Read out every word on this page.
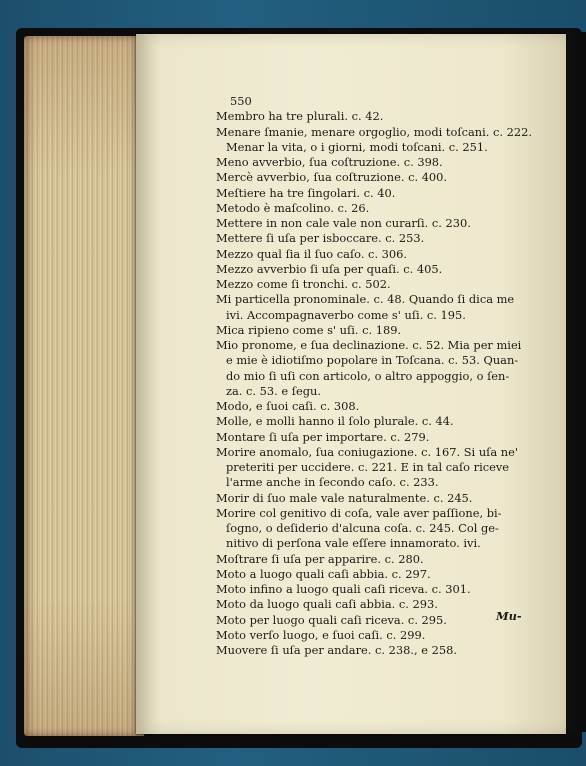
550
Membro ha tre plurali. c. 42.
Menare ſmanie, menare orgoglio, modi toſcani. c. 222.
Menar la vita, o i giorni, modi toſcani. c. 251.
Meno avverbio, ſua coſtruzione. c. 398.
Mercè avverbio, ſua coſtruzione. c. 400.
Meſtiere ha tre ſingolari. c. 40.
Metodo è maſcolino. c. 26.
Mettere in non cale vale non curarſi. c. 230.
Mettere ſi uſa per isboccare. c. 253.
Mezzo qual ſia il ſuo caſo. c. 306.
Mezzo avverbio ſi uſa per quaſi. c. 405.
Mezzo come ſi tronchi. c. 502.
Mi particella pronominale. c. 48. Quando ſi dica me
ivi. Accompagnaverbo come s' uſi. c. 195.
Mica ripieno come s' uſi. c. 189.
Mio pronome, e ſua declinazione. c. 52. Mia per miei
e mie è idiotiſmo popolare in Toſcana. c. 53. Quan-
do mio ſi uſi con articolo, o altro appoggio, o ſen-
za. c. 53. e ſegu.
Modo, e ſuoi caſi. c. 308.
Molle, e molli hanno il ſolo plurale. c. 44.
Montare ſi uſa per importare. c. 279.
Morire anomalo, ſua coniugazione. c. 167. Si uſa ne'
preteriti per uccidere. c. 221. E in tal caſo riceve
l'arme anche in ſecondo caſo. c. 233.
Morir di ſuo male vale naturalmente. c. 245.
Morire col genitivo di coſa, vale aver paſſione, bi-
ſogno, o deſiderio d'alcuna coſa. c. 245. Col ge-
nitivo di perſona vale eſſere innamorato. ivi.
Moſtrare ſi uſa per apparire. c. 280.
Moto a luogo quali caſi abbia. c. 297.
Moto infino a luogo quali caſi riceva. c. 301.
Moto da luogo quali caſi abbia. c. 293.
Moto per luogo quali caſi riceva. c. 295.
Moto verſo luogo, e ſuoi caſi. c. 299.
Muovere ſi uſa per andare. c. 238., e 258.
Mu-
